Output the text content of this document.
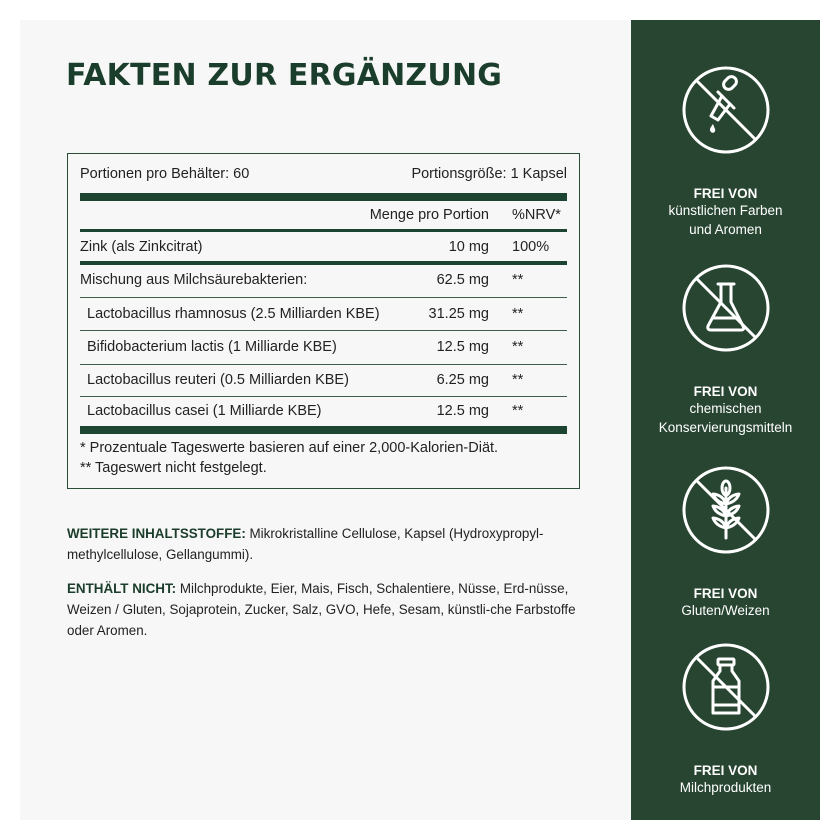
FAKTEN ZUR ERGÄNZUNG
Portionen pro Behälter: 60	Portionsgröße: 1 Kapsel
Menge pro Portion %NRV*
Zink (als Zinkcitrat)	10 mg 100%
Mischung aus Milchsäurebakterien:	62.5 mg **
Lactobacillus rhamnosus (2.5 Milliarden KBE)	31.25 mg **
Bifidobacterium lactis (1 Milliarde KBE)	12.5 mg **
Lactobacillus reuteri (0.5 Milliarden KBE)	6.25 mg **
Lactobacillus casei (1 Milliarde KBE)	12.5 mg **
* Prozentuale Tageswerte basieren auf einer 2,000-Kalorien-Diät.
** Tageswert nicht festgelegt.

WEITERE INHALTSSTOFFE: Mikrokristalline Cellulose, Kapsel (Hydroxypropyl-methylcellulose, Gellangummi).

ENTHÄLT NICHT: Milchprodukte, Eier, Mais, Fisch, Schalentiere, Nüsse, Erd-nüsse, Weizen / Gluten, Sojaprotein, Zucker, Salz, GVO, Hefe, Sesam, künstli-che Farbstoffe oder Aromen.

FREI VON
künstlichen Farben
und Aromen
FREI VON
chemischen
Konservierungsmitteln
FREI VON
Gluten/Weizen
FREI VON
Milchprodukten
